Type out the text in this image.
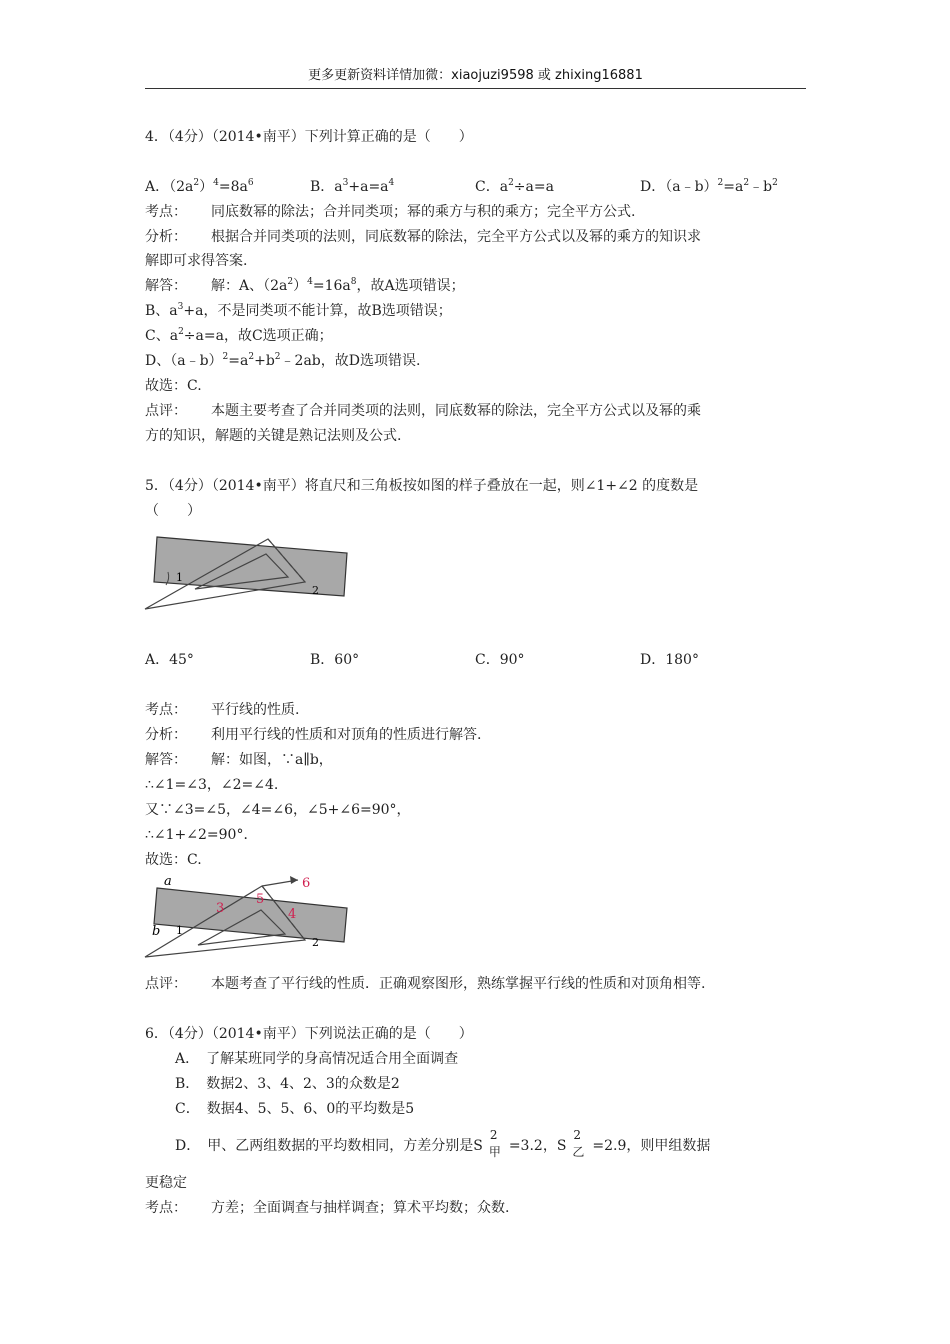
更多更新资料详情加微：xiaojuzi9598 或 zhixing16881
4．（4分）（2014•南平）下列计算正确的是（　　）
A．$(2a^2)^4=8a^6$	B．$a^3+a=a^4$	C．$a^2\div a=a$	D．$(a﹣b)^2=a^2﹣b^2$
考点： 同底数幂的除法；合并同类项；幂的乘方与积的乘方；完全平方公式.
分析： 根据合并同类项的法则，同底数幂的除法，完全平方公式以及幂的乘方的知识求
解即可求得答案.
解答： 解：A、$(2a^2)^4=16a^8$，故A选项错误；
B、$a^3+a$，不是同类项不能计算，故B选项错误；
C、$a^2\div a=a$，故C选项正确；
D、$(a﹣b)^2=a^2+b^2﹣2ab$，故D选项错误.
故选：C.
点评： 本题主要考查了合并同类项的法则，同底数幂的除法，完全平方公式以及幂的乘
方的知识，解题的关键是熟记法则及公式.
5．（4分）（2014•南平）将直尺和三角板按如图的样子叠放在一起，则∠1+∠2 的度数是
（　　）
1
2
A．45°	B．60°	C．90°	D．180°
考点： 平行线的性质.
分析： 利用平行线的性质和对顶角的性质进行解答.
解答： 解：如图，∵a∥b，
∴∠1=∠3，∠2=∠4.
又∵∠3=∠5，∠4=∠6，∠5+∠6=90°，
∴∠1+∠2=90°．
故选：C.
a
b 1
2
3	4
5
6
点评： 本题考查了平行线的性质．正确观察图形，熟练掌握平行线的性质和对顶角相等.
6．（4分）（2014•南平）下列说法正确的是（　　）
A．　了解某班同学的身高情况适合用全面调查
B．　数据2、3、4、2、3的众数是2
C．　数据4、5、5、6、0的平均数是5
D．　甲、乙两组数据的平均数相同，方差分别是S
2
甲 =3.2，S
2
乙 =2.9，则甲组数据
更稳定
考点： 方差；全面调查与抽样调查；算术平均数；众数.
